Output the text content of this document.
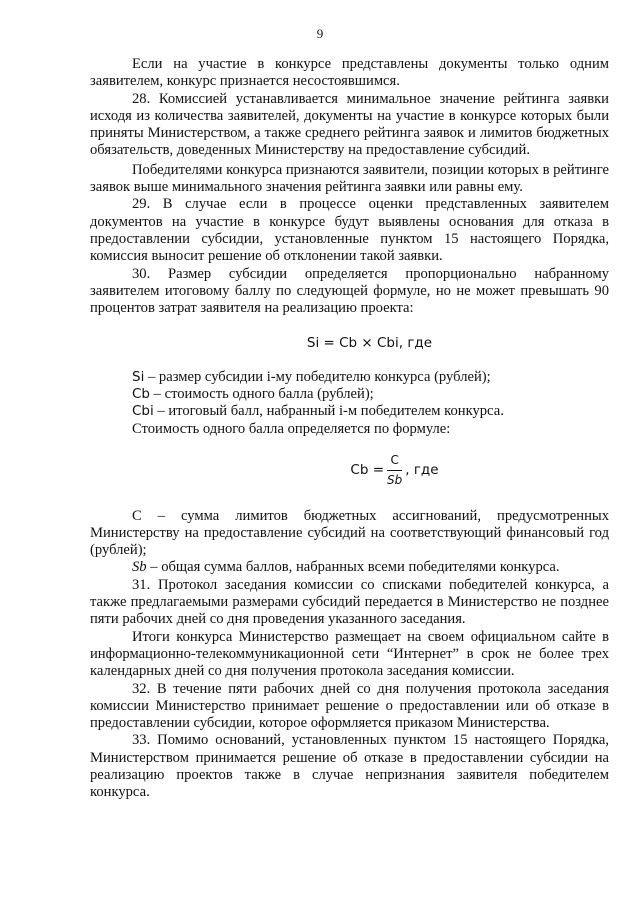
9

Если на участие в конкурсе представлены документы только одним заявителем, конкурс признается несостоявшимся.

28. Комиссией устанавливается минимальное значение рейтинга заявки исходя из количества заявителей, документы на участие в конкурсе которых были приняты Министерством, а также среднего рейтинга заявок и лимитов бюджетных обязательств, доведенных Министерству на предоставление субсидий.

Победителями конкурса признаются заявители, позиции которых в рейтинге заявок выше минимального значения рейтинга заявки или равны ему.

29. В случае если в процессе оценки представленных заявителем документов на участие в конкурсе будут выявлены основания для отказа в предоставлении субсидии, установленные пунктом 15 настоящего Порядка, комиссия выносит решение об отклонении такой заявки.

30. Размер субсидии определяется пропорционально набранному заявителем итоговому баллу по следующей формуле, но не может превышать 90 процентов затрат заявителя на реализацию проекта:

Si = Cb × Cbi, где

Si – размер субсидии i-му победителю конкурса (рублей);

Cb – стоимость одного балла (рублей);

Cbi – итоговый балл, набранный i-м победителем конкурса.

Стоимость одного балла определяется по формуле:

$Cb = \frac{C}{Sb}$ , где

С – сумма лимитов бюджетных ассигнований, предусмотренных Министерству на предоставление субсидий на соответствующий финансовый год (рублей);

Sb – общая сумма баллов, набранных всеми победителями конкурса.

31. Протокол заседания комиссии со списками победителей конкурса, а также предлагаемыми размерами субсидий передается в Министерство не позднее пяти рабочих дней со дня проведения указанного заседания.

Итоги конкурса Министерство размещает на своем официальном сайте в информационно-телекоммуникационной сети “Интернет” в срок не более трех календарных дней со дня получения протокола заседания комиссии.

32. В течение пяти рабочих дней со дня получения протокола заседания комиссии Министерство принимает решение о предоставлении или об отказе в предоставлении субсидии, которое оформляется приказом Министерства.

33. Помимо оснований, установленных пунктом 15 настоящего Порядка, Министерством принимается решение об отказе в предоставлении субсидии на реализацию проектов также в случае непризнания заявителя победителем конкурса.
